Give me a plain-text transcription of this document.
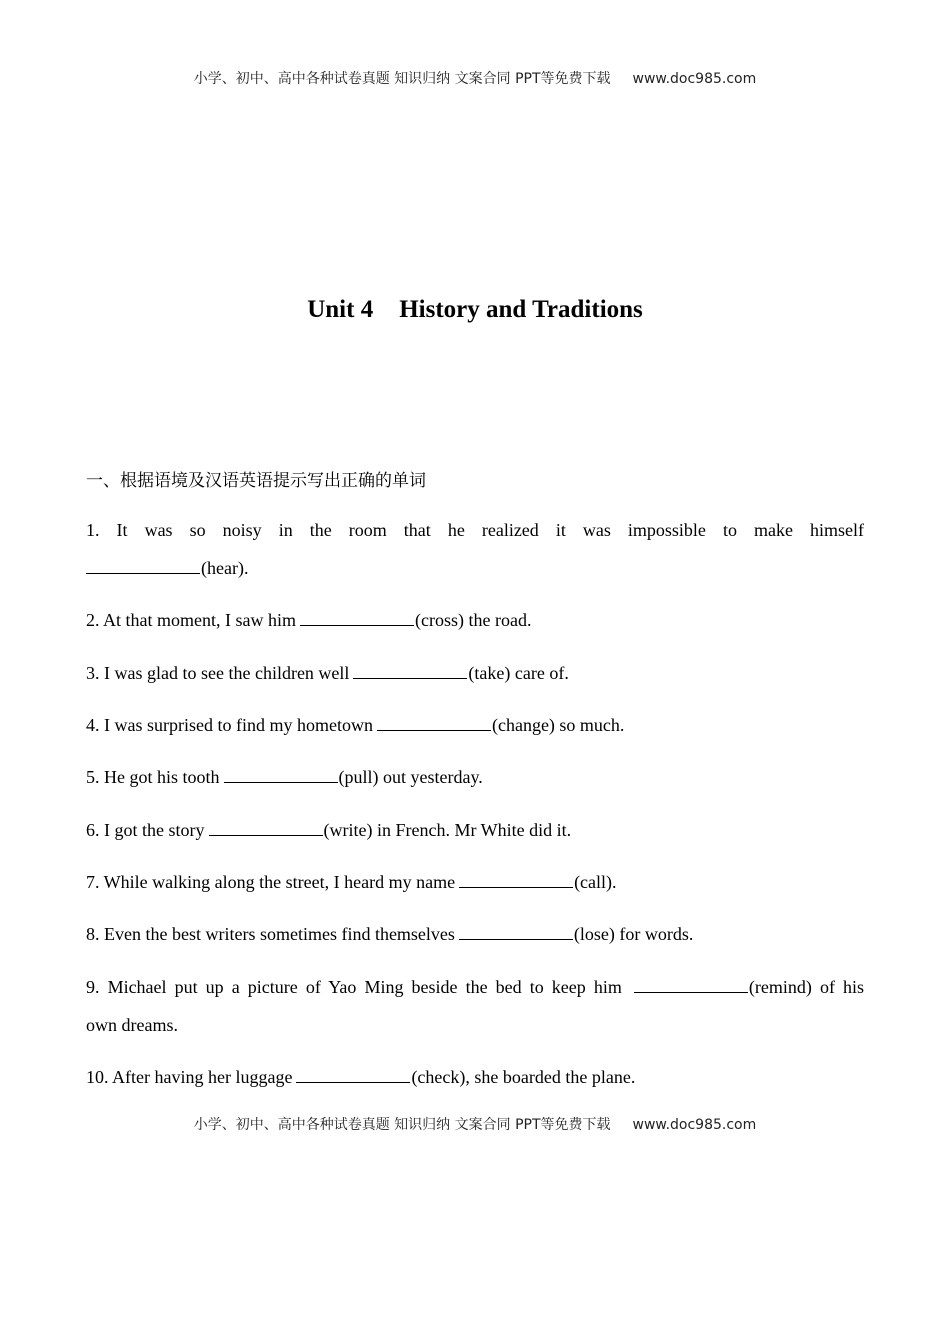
小学、初中、高中各种试卷真题 知识归纳 文案合同 PPT等免费下载 www.doc985.com
Unit 4 History and Traditions
一、根据语境及汉语英语提示写出正确的单词
1. It was so noisy in the room that he realized it was impossible to make himself
(hear).
2. At that moment, I saw him	(cross) the road.
3. I was glad to see the children well	(take) care of.
4. I was surprised to find my hometown	(change) so much.
5. He got his tooth	(pull) out yesterday.
6. I got the story	(write) in French. Mr White did it.
7. While walking along the street, I heard my name	(call).
8. Even the best writers sometimes find themselves	(lose) for words.
9. Michael put up a picture of Yao Ming beside the bed to keep him	(remind) of his
own dreams.
10. After having her luggage	(check), she boarded the plane.
小学、初中、高中各种试卷真题 知识归纳 文案合同 PPT等免费下载 www.doc985.com
